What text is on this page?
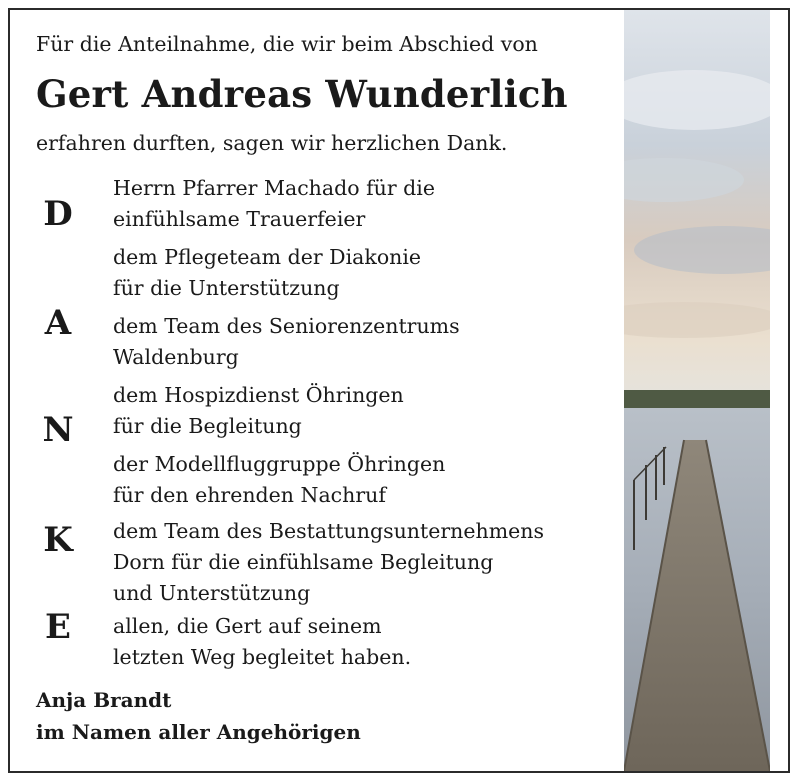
Für die Anteilnahme, die wir beim Abschied von
Gert Andreas Wunderlich
erfahren durften, sagen wir herzlichen Dank.
D
A
N
K
E
Herrn Pfarrer Machado für die
einfühlsame Trauerfeier
dem Pflegeteam der Diakonie
für die Unterstützung
dem Team des Seniorenzentrums
Waldenburg
dem Hospizdienst Öhringen
für die Begleitung
der Modellfluggruppe Öhringen
für den ehrenden Nachruf
dem Team des Bestattungsunternehmens
Dorn für die einfühlsame Begleitung
und Unterstützung
allen, die Gert auf seinem
letzten Weg begleitet haben.
Anja Brandt
im Namen aller Angehörigen
